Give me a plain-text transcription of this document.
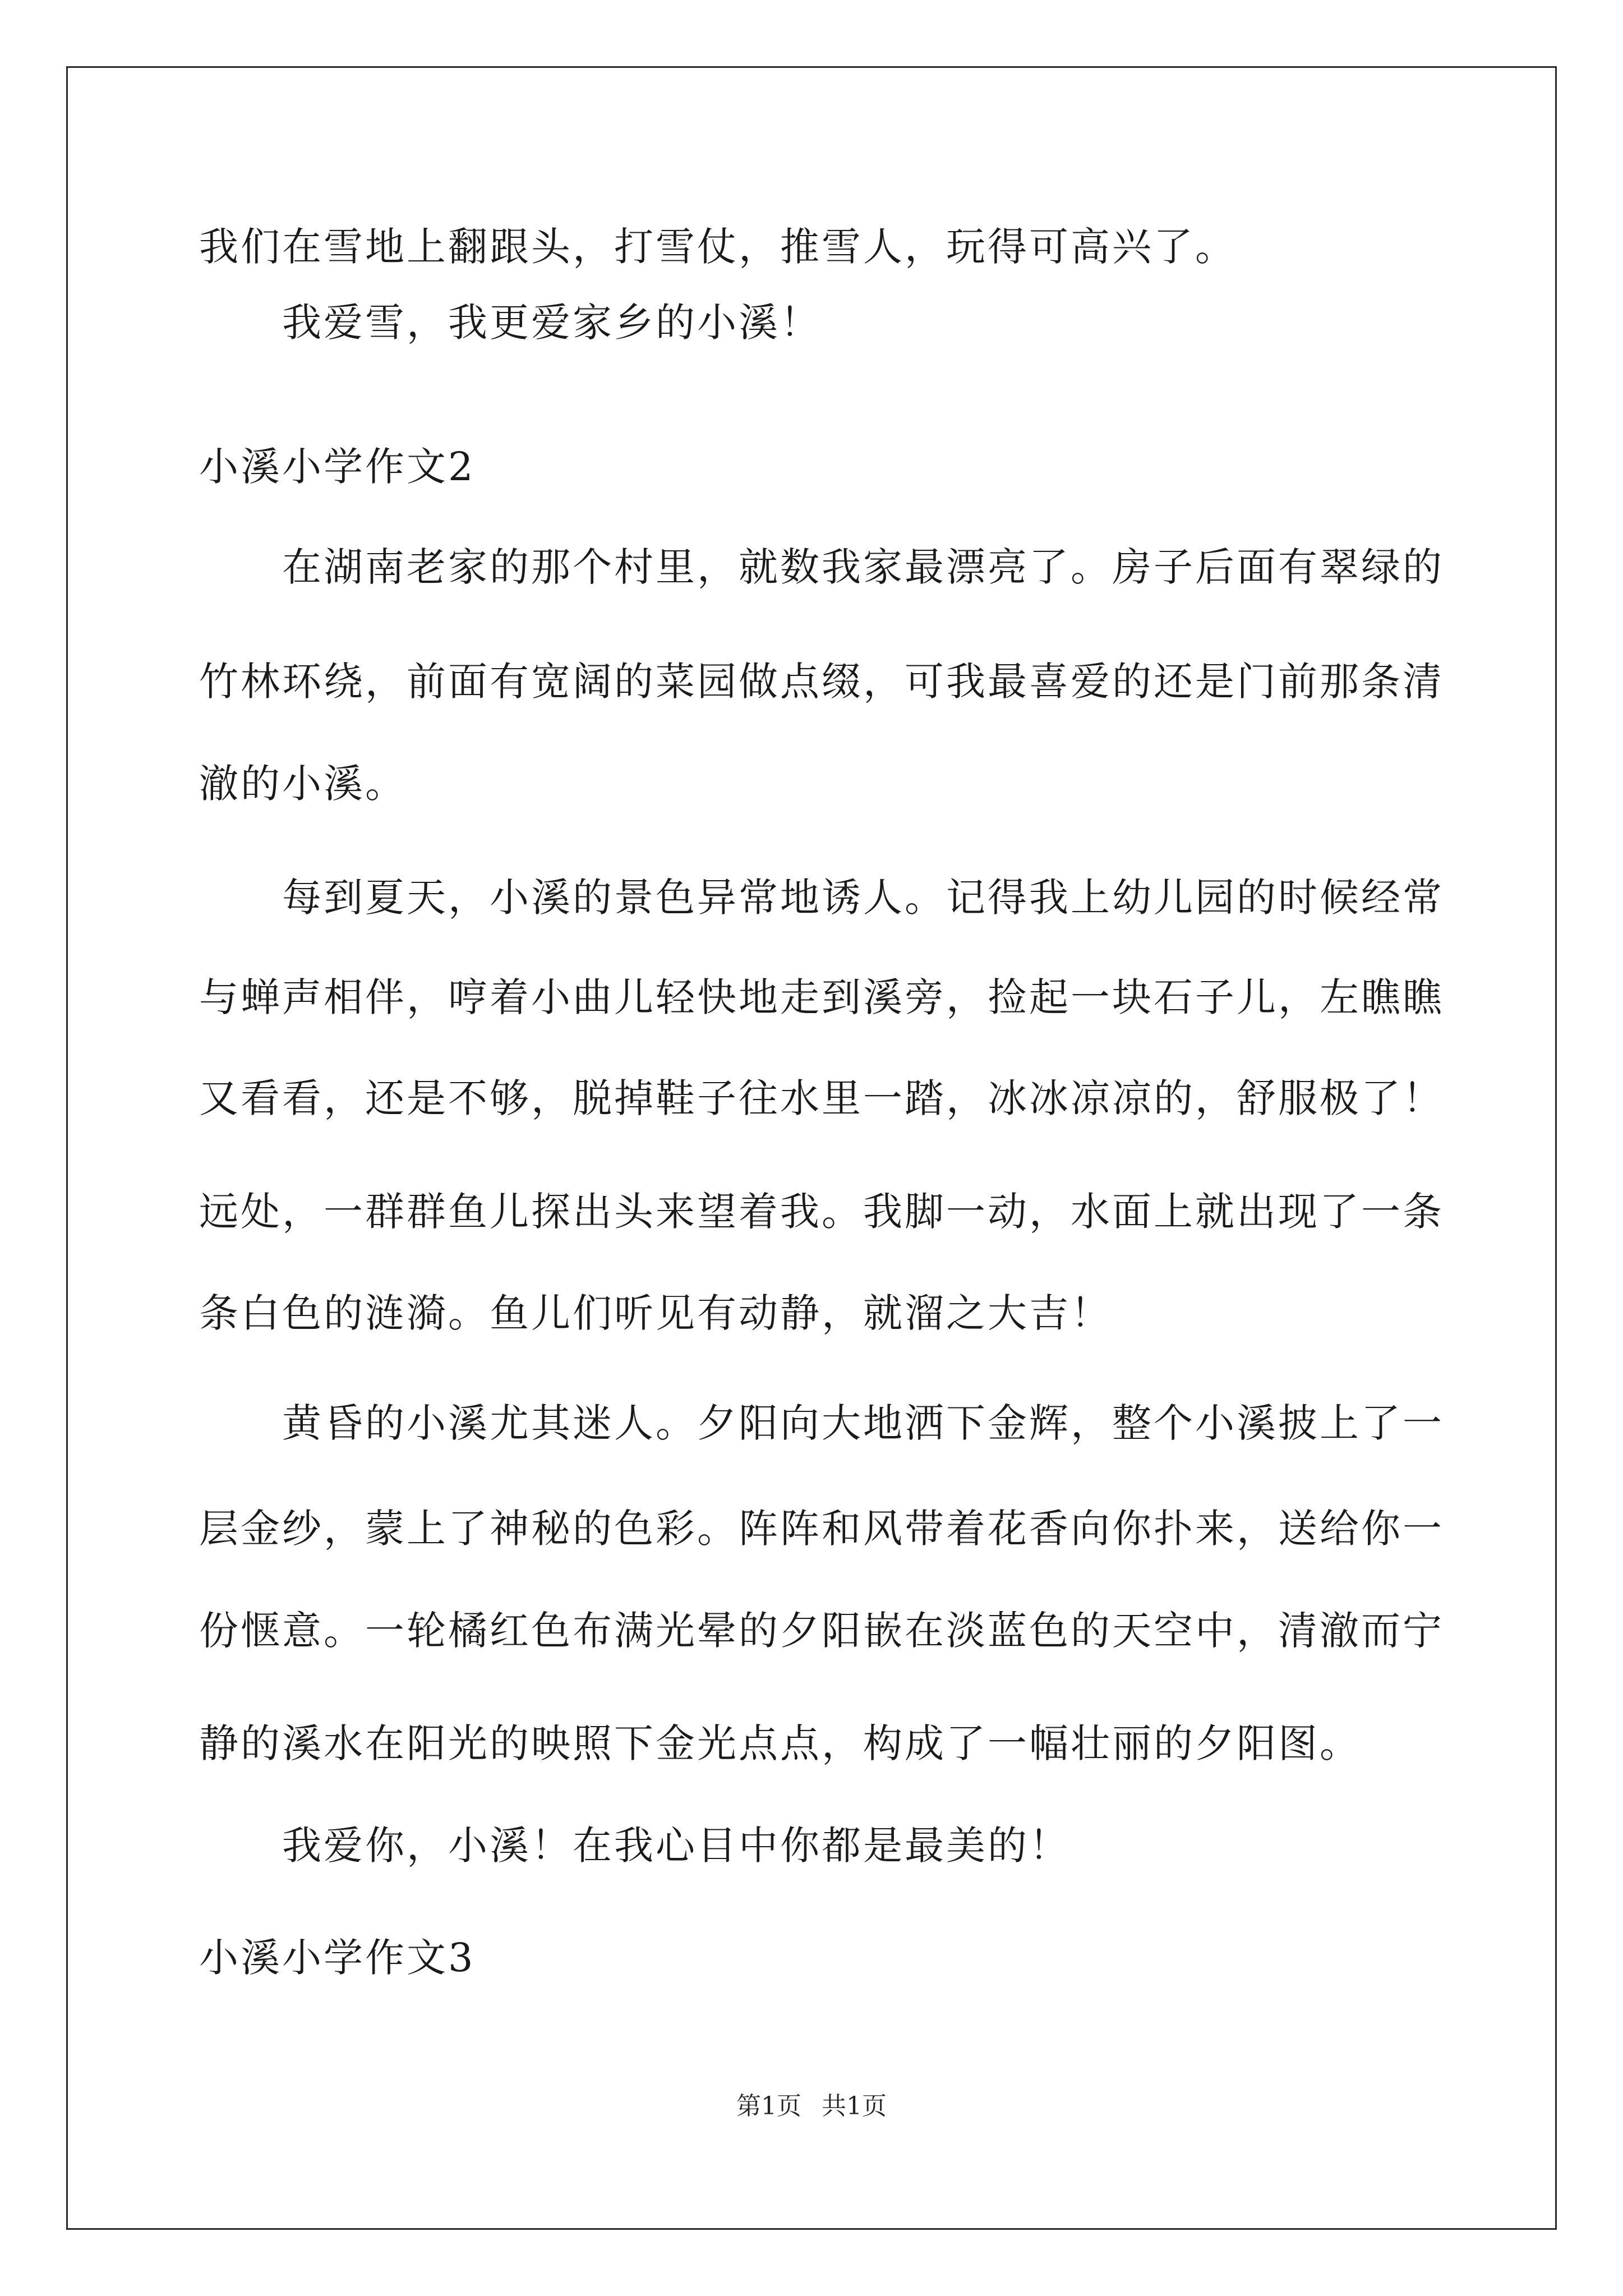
我们在雪地上翻跟头，打雪仗，推雪人，玩得可高兴了。
我爱雪，我更爱家乡的小溪！
小溪小学作文2
在湖南老家的那个村里，就数我家最漂亮了。房子后面有翠绿的
竹林环绕，前面有宽阔的菜园做点缀，可我最喜爱的还是门前那条清
澈的小溪。
每到夏天，小溪的景色异常地诱人。记得我上幼儿园的时候经常
与蝉声相伴，哼着小曲儿轻快地走到溪旁，捡起一块石子儿，左瞧瞧
又看看，还是不够，脱掉鞋子往水里一踏，冰冰凉凉的，舒服极了！
远处，一群群鱼儿探出头来望着我。我脚一动，水面上就出现了一条
条白色的涟漪。鱼儿们听见有动静，就溜之大吉！
黄昏的小溪尤其迷人。夕阳向大地洒下金辉，整个小溪披上了一
层金纱，蒙上了神秘的色彩。阵阵和风带着花香向你扑来，送给你一
份惬意。一轮橘红色布满光晕的夕阳嵌在淡蓝色的天空中，清澈而宁
静的溪水在阳光的映照下金光点点，构成了一幅壮丽的夕阳图。
我爱你，小溪！在我心目中你都是最美的！
小溪小学作文3
第1页 共1页
